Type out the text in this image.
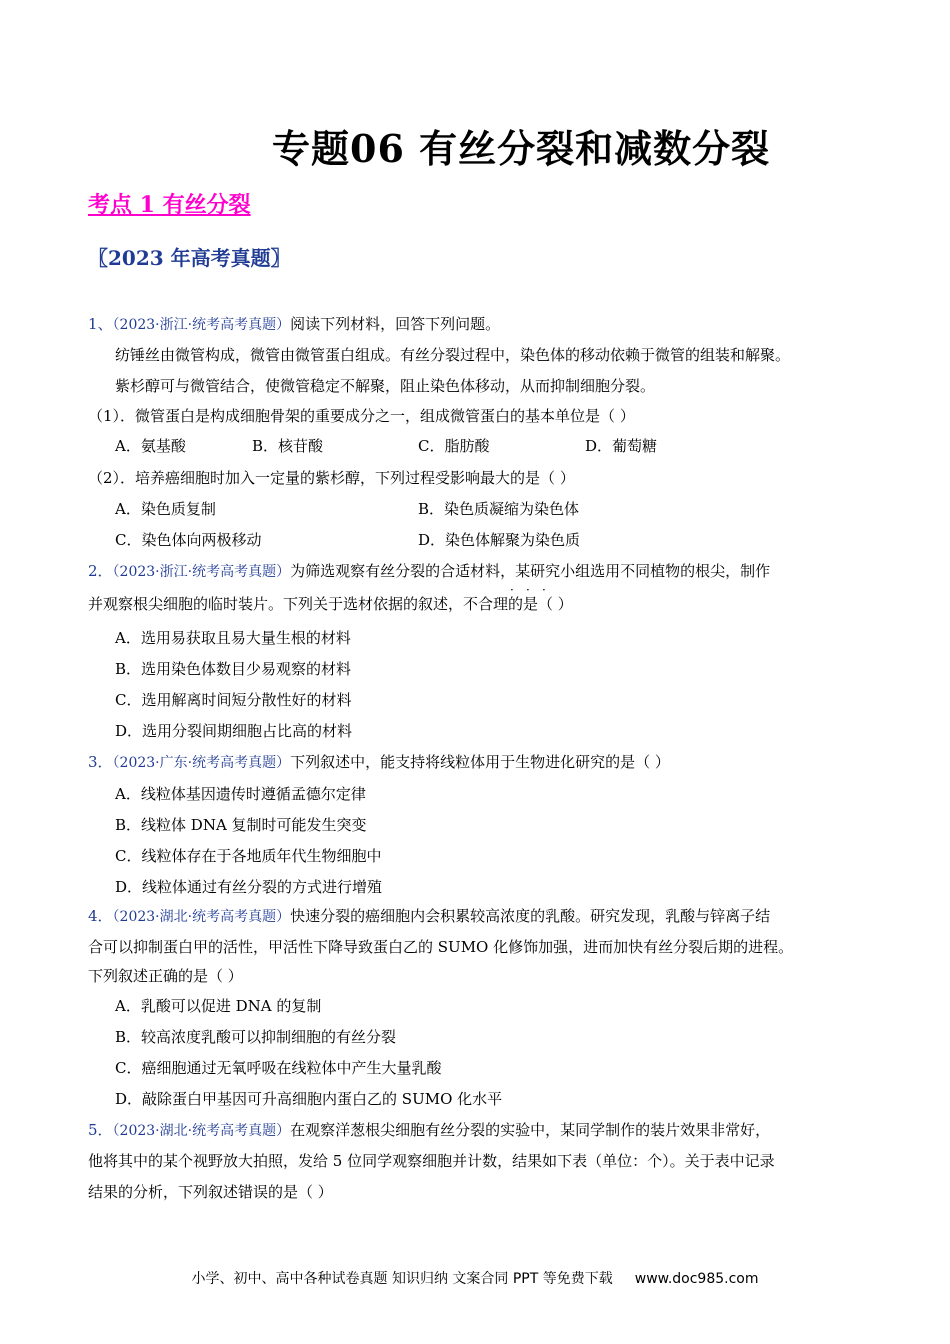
专题06 有丝分裂和减数分裂
考点 1 有丝分裂
〖2023 年高考真题〗
1、（2023·浙江·统考高考真题）阅读下列材料，回答下列问题。
纺锤丝由微管构成，微管由微管蛋白组成。有丝分裂过程中，染色体的移动依赖于微管的组装和解聚。
紫杉醇可与微管结合，使微管稳定不解聚，阻止染色体移动，从而抑制细胞分裂。
（1）．微管蛋白是构成细胞骨架的重要成分之一，组成微管蛋白的基本单位是（ ）
A．氨基酸	B．核苷酸	C．脂肪酸	D．葡萄糖
（2）．培养癌细胞时加入一定量的紫杉醇，下列过程受影响最大的是（ ）
A．染色质复制	B．染色质凝缩为染色体
C．染色体向两极移动	D．染色体解聚为染色质
2．（2023·浙江·统考高考真题）为筛选观察有丝分裂的合适材料，某研究小组选用不同植物的根尖，制作
并观察根尖细胞的临时装片。下列关于选材依据的叙述，不合理的是（ ）
· · ·
A．选用易获取且易大量生根的材料
B．选用染色体数目少易观察的材料
C．选用解离时间短分散性好的材料
D．选用分裂间期细胞占比高的材料
3．（2023·广东·统考高考真题）下列叙述中，能支持将线粒体用于生物进化研究的是（ ）
A．线粒体基因遗传时遵循孟德尔定律
B．线粒体 DNA 复制时可能发生突变
C．线粒体存在于各地质年代生物细胞中
D．线粒体通过有丝分裂的方式进行增殖
4．（2023·湖北·统考高考真题）快速分裂的癌细胞内会积累较高浓度的乳酸。研究发现，乳酸与锌离子结
合可以抑制蛋白甲的活性，甲活性下降导致蛋白乙的 SUMO 化修饰加强，进而加快有丝分裂后期的进程。
下列叙述正确的是（ ）
A．乳酸可以促进 DNA 的复制
B．较高浓度乳酸可以抑制细胞的有丝分裂
C．癌细胞通过无氧呼吸在线粒体中产生大量乳酸
D．敲除蛋白甲基因可升高细胞内蛋白乙的 SUMO 化水平
5．（2023·湖北·统考高考真题）在观察洋葱根尖细胞有丝分裂的实验中，某同学制作的装片效果非常好，
他将其中的某个视野放大拍照，发给 5 位同学观察细胞并计数，结果如下表（单位：个）。关于表中记录
结果的分析，下列叙述错误的是（ ）
小学、初中、高中各种试卷真题 知识归纳 文案合同 PPT 等免费下载 www.doc985.com
